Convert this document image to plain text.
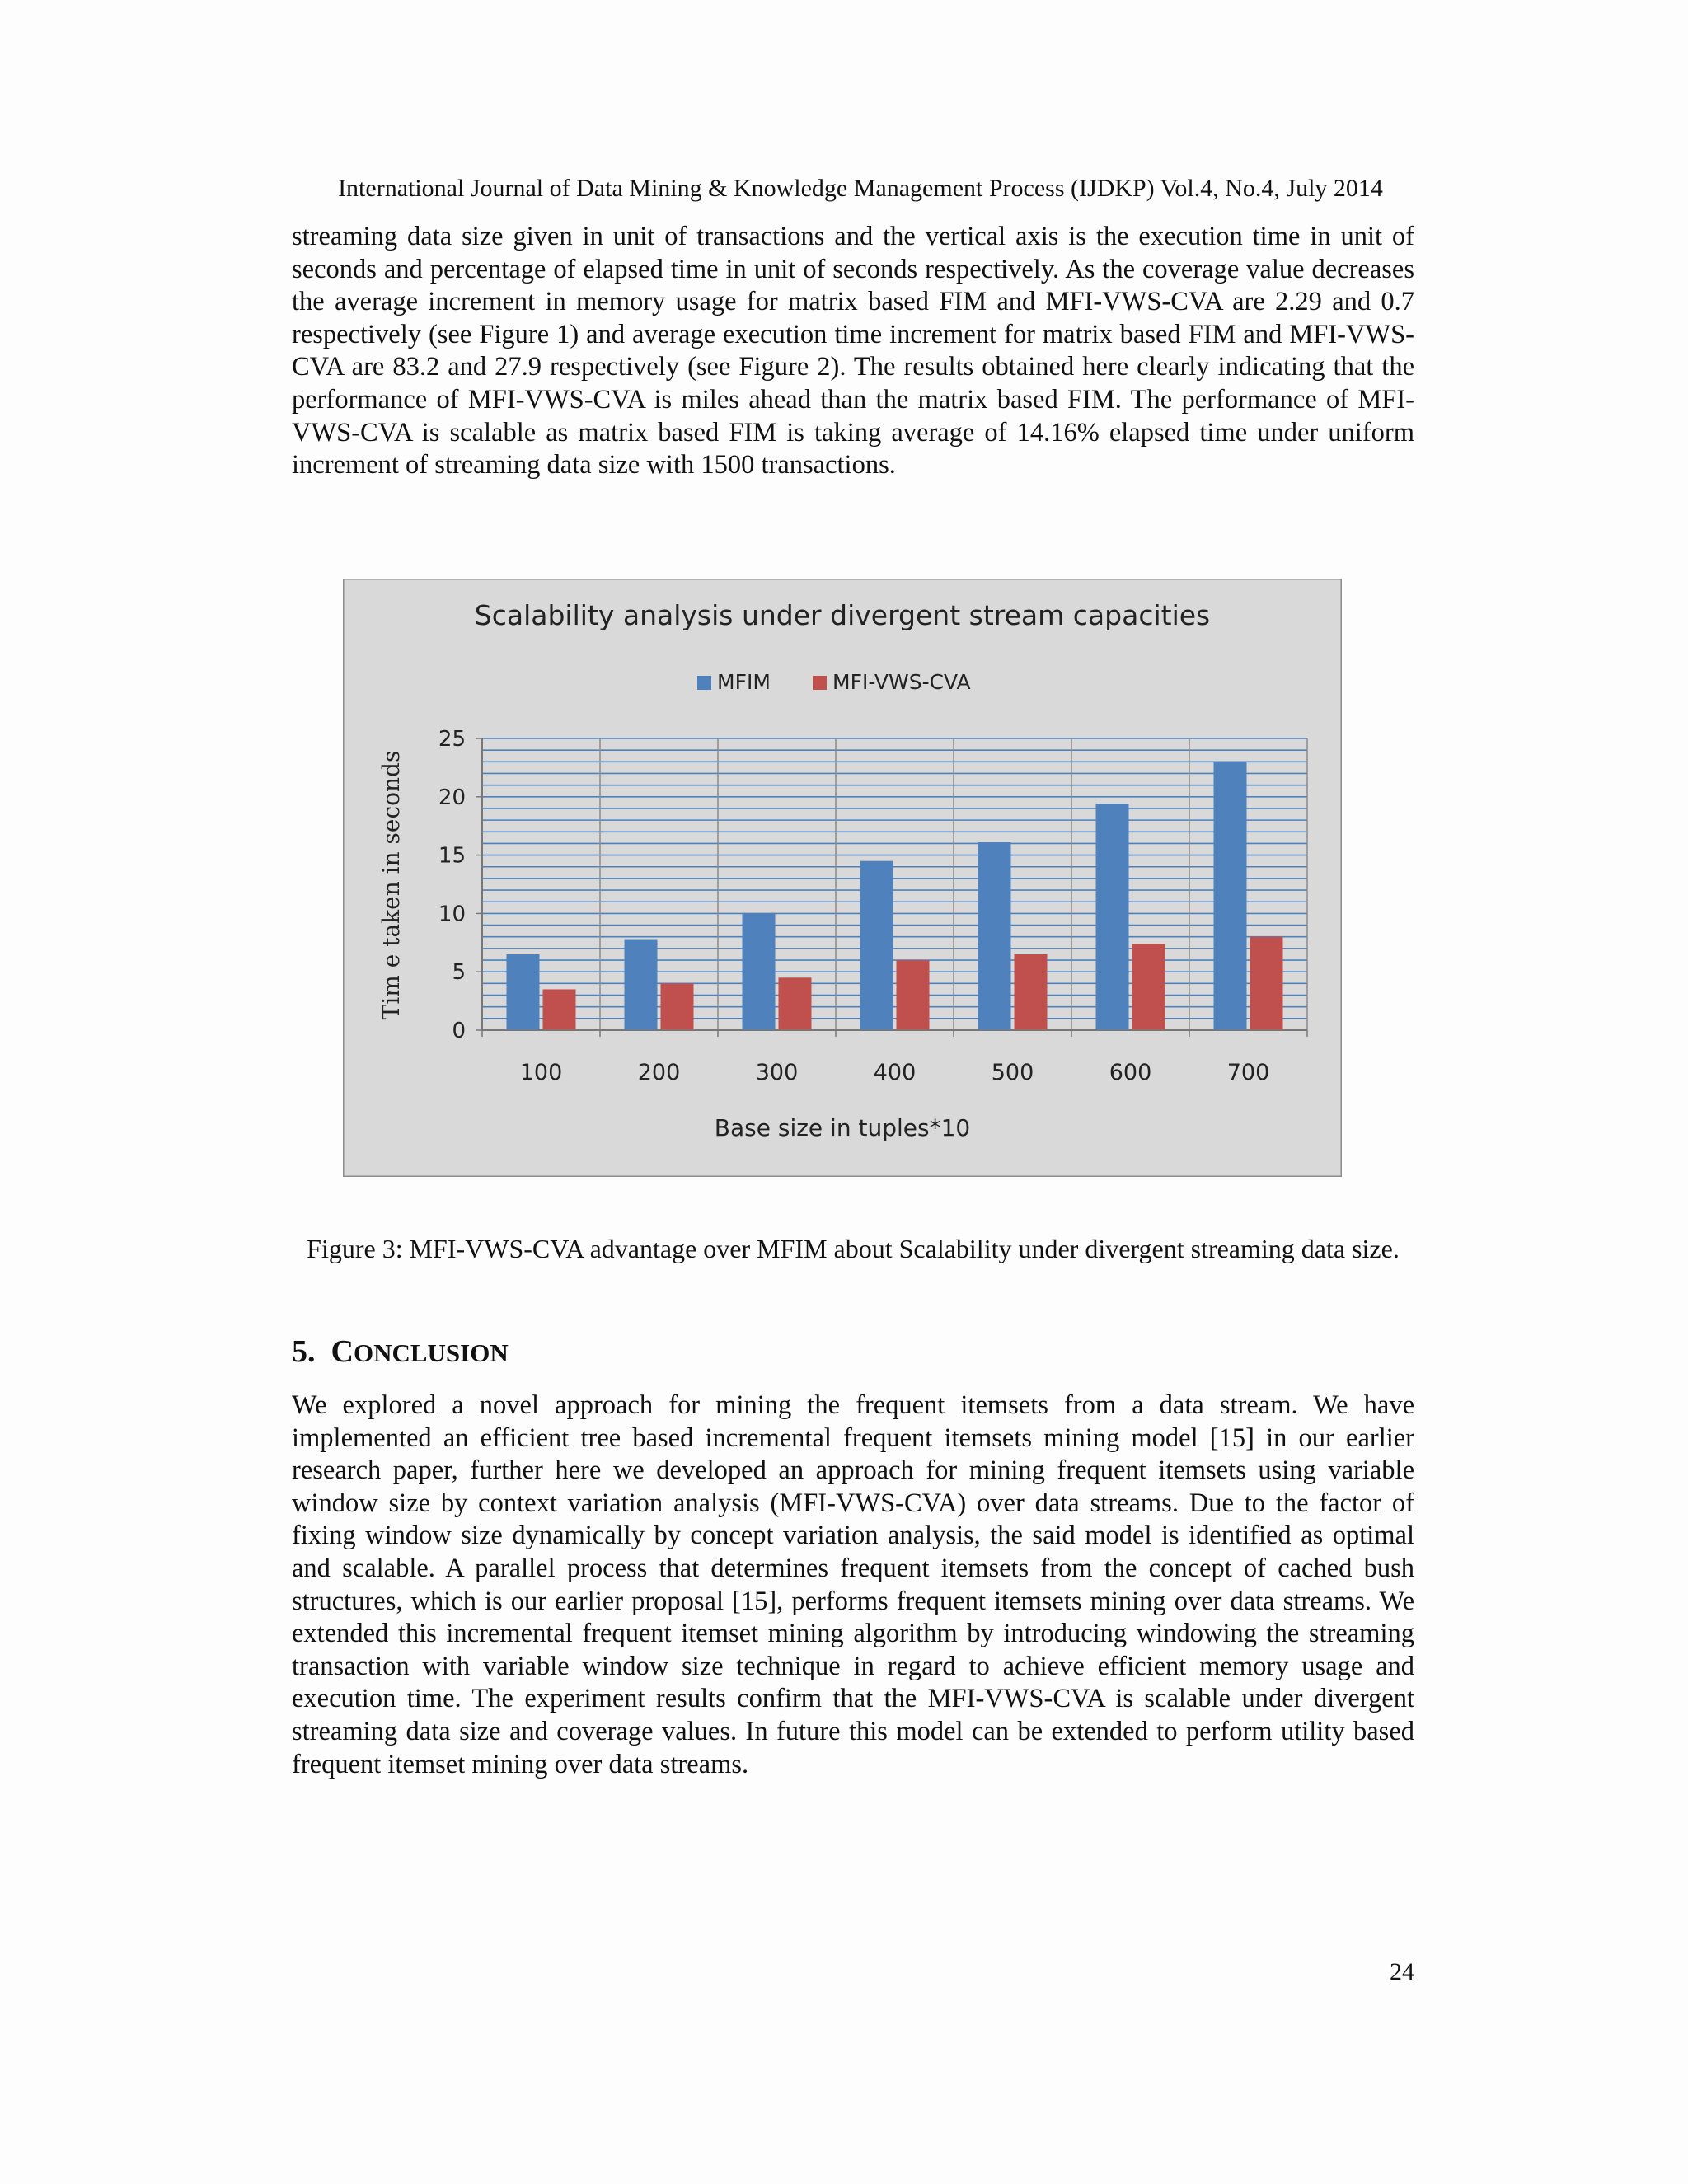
International Journal of Data Mining & Knowledge Management Process (IJDKP) Vol.4, No.4, July 2014
streaming data size given in unit of transactions and the vertical axis is the execution time in unit of seconds and percentage of elapsed time in unit of seconds respectively. As the coverage value decreases the average increment in memory usage for matrix based FIM and MFI-VWS-CVA are 2.29 and 0.7 respectively (see Figure 1) and average execution time increment for matrix based FIM and MFI-VWS-CVA are 83.2 and 27.9 respectively (see Figure 2). The results obtained here clearly indicating that the performance of MFI-VWS-CVA is miles ahead than the matrix based FIM. The performance of MFI-VWS-CVA is scalable as matrix based FIM is taking average of 14.16% elapsed time under uniform increment of streaming data size with 1500 transactions.
Scalability analysis under divergent stream capacities
MFIM	MFI-VWS-CVA
100	200	300	400	500	600	700
0
5
10
15
20
25
Base size in tuples*10
Tim e taken in seconds
Figure 3: MFI-VWS-CVA advantage over MFIM about Scalability under divergent streaming data size.
5. CONCLUSION
We explored a novel approach for mining the frequent itemsets from a data stream. We have implemented an efficient tree based incremental frequent itemsets mining model [15] in our earlier research paper, further here we developed an approach for mining frequent itemsets using variable window size by context variation analysis (MFI-VWS-CVA) over data streams. Due to the factor of fixing window size dynamically by concept variation analysis, the said model is identified as optimal and scalable. A parallel process that determines frequent itemsets from the concept of cached bush structures, which is our earlier proposal [15], performs frequent itemsets mining over data streams. We extended this incremental frequent itemset mining algorithm by introducing windowing the streaming transaction with variable window size technique in regard to achieve efficient memory usage and execution time. The experiment results confirm that the MFI-VWS-CVA is scalable under divergent streaming data size and coverage values. In future this model can be extended to perform utility based frequent itemset mining over data streams.
24
